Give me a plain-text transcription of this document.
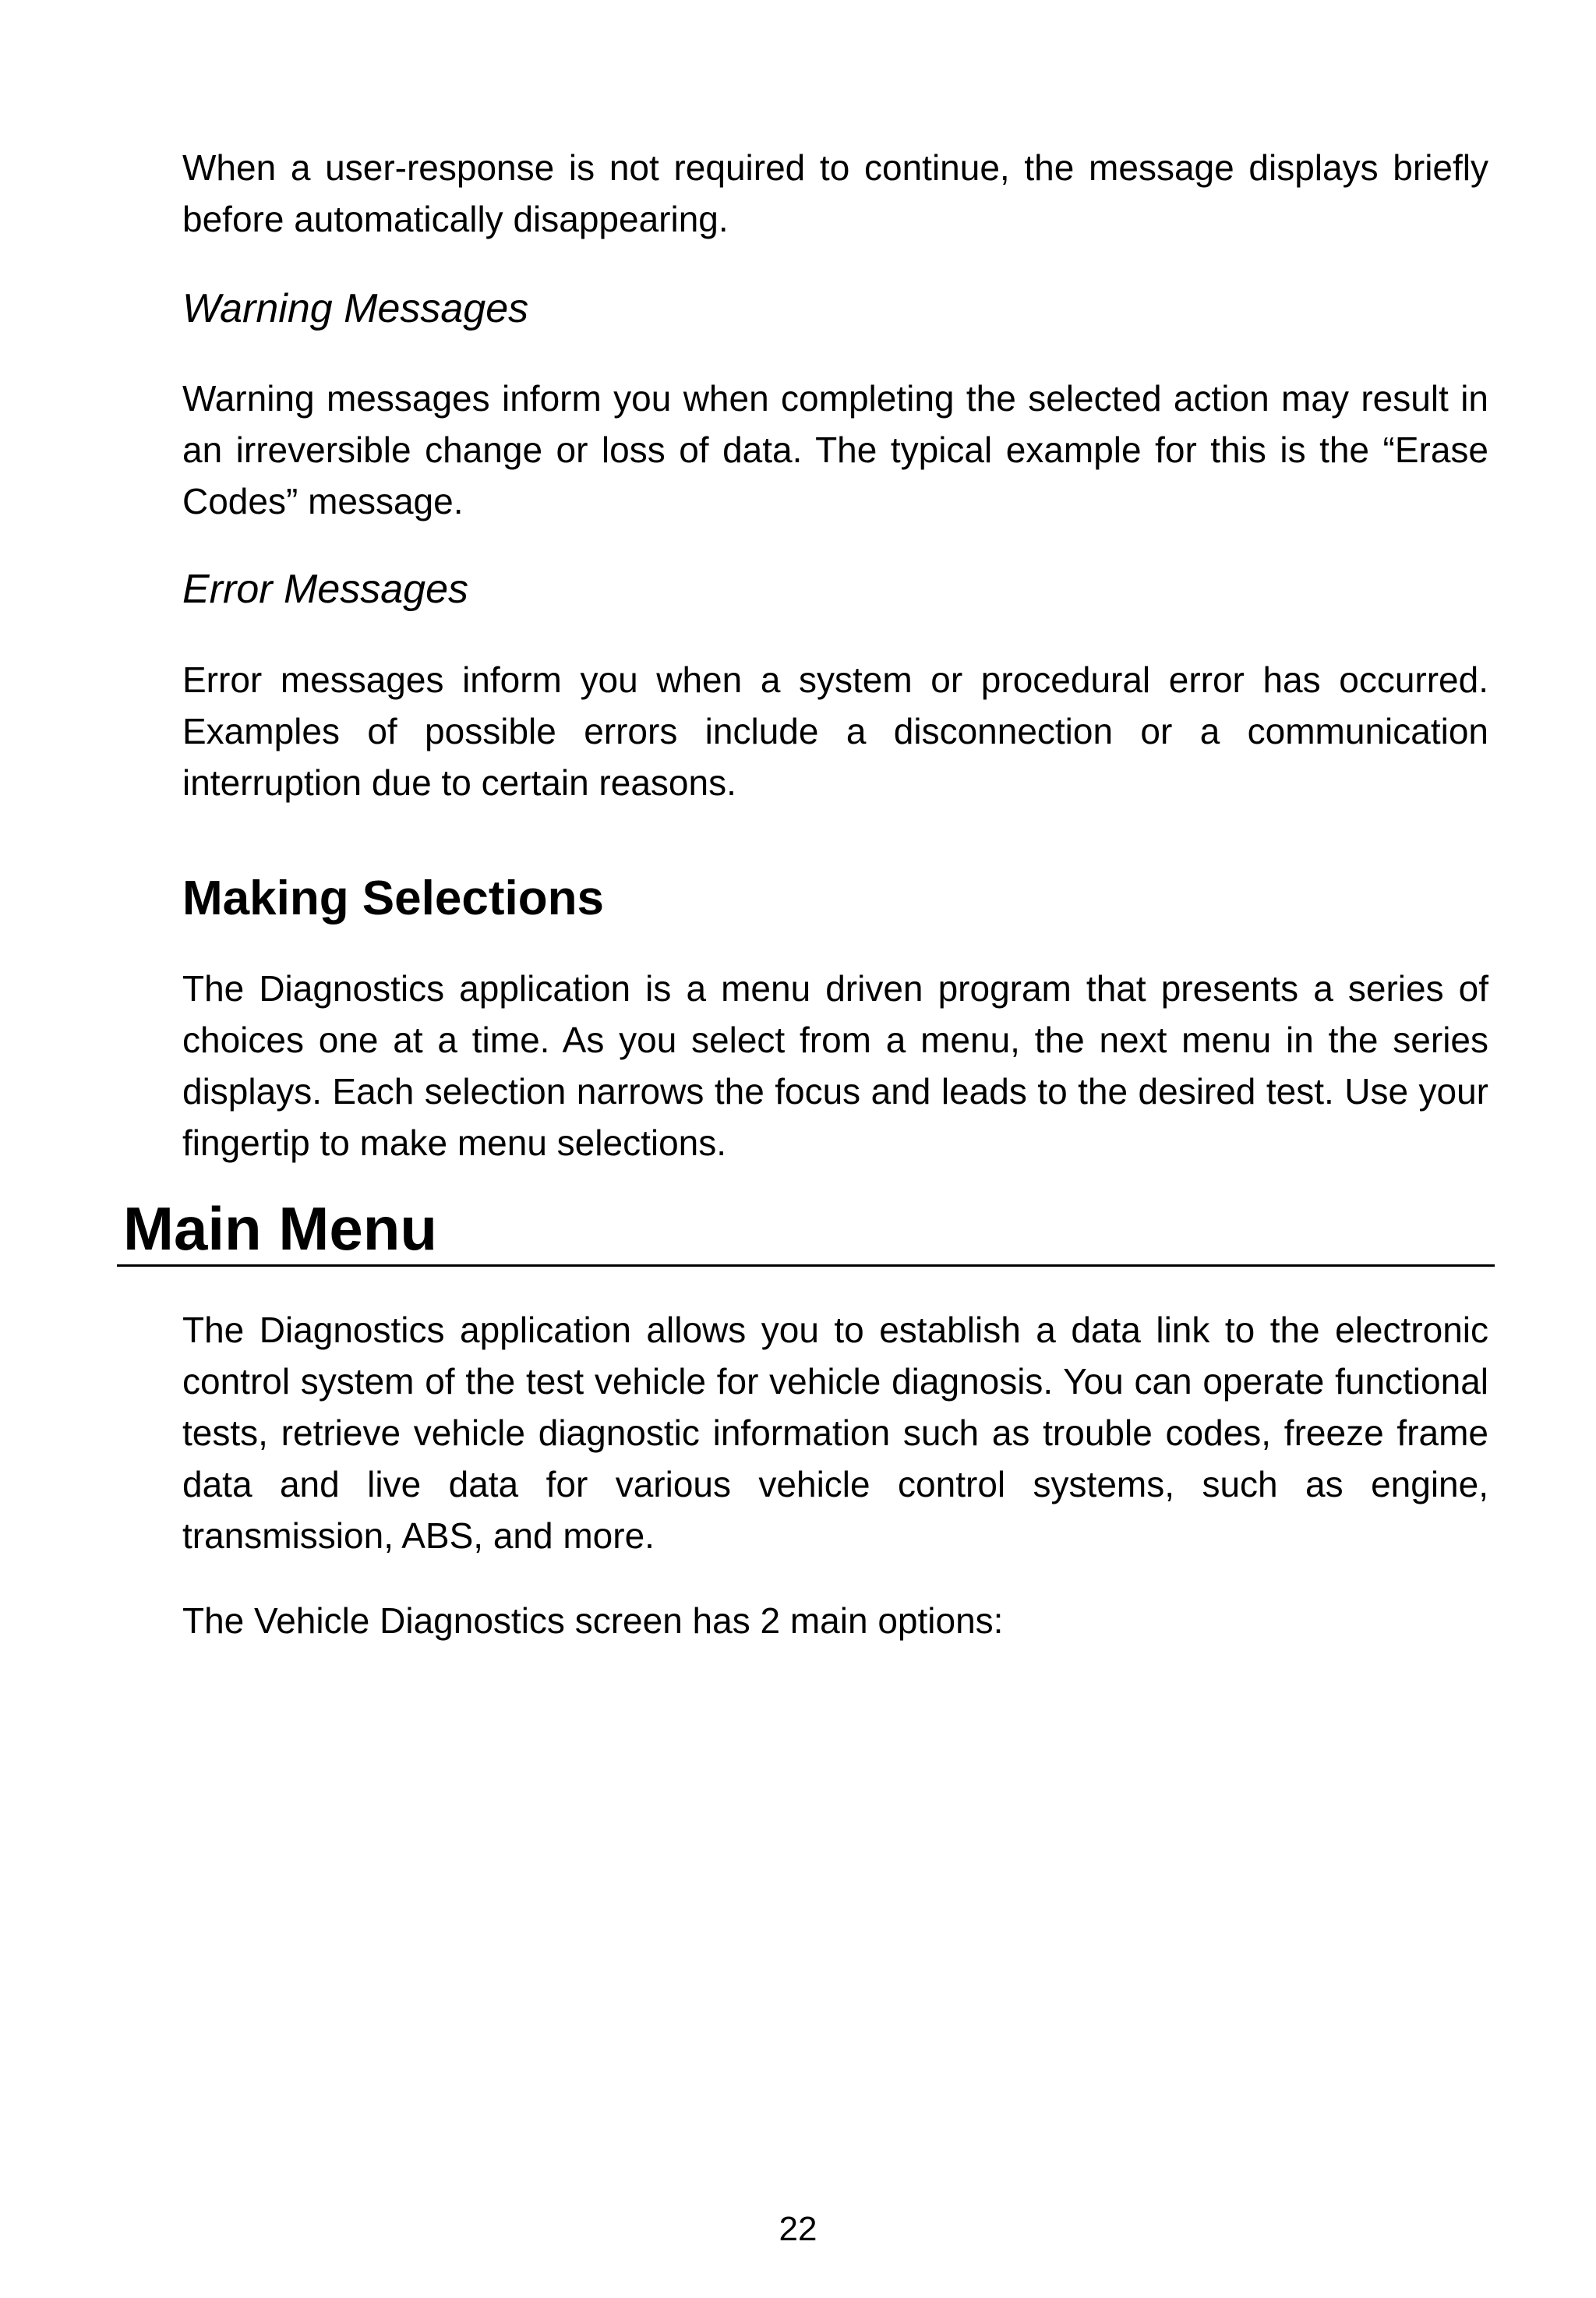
When a user-response is not required to continue, the message displays briefly before automatically disappearing.

Warning Messages

Warning messages inform you when completing the selected action may result in an irreversible change or loss of data. The typical example for this is the “Erase Codes” message.

Error Messages

Error messages inform you when a system or procedural error has occurred. Examples of possible errors include a disconnection or a communication interruption due to certain reasons.

Making Selections

The Diagnostics application is a menu driven program that presents a series of choices one at a time. As you select from a menu, the next menu in the series displays. Each selection narrows the focus and leads to the desired test. Use your fingertip to make menu selections.

Main Menu

The Diagnostics application allows you to establish a data link to the electronic control system of the test vehicle for vehicle diagnosis. You can operate functional tests, retrieve vehicle diagnostic information such as trouble codes, freeze frame data and live data for various vehicle control systems, such as engine, transmission, ABS, and more.

The Vehicle Diagnostics screen has 2 main options:

22
